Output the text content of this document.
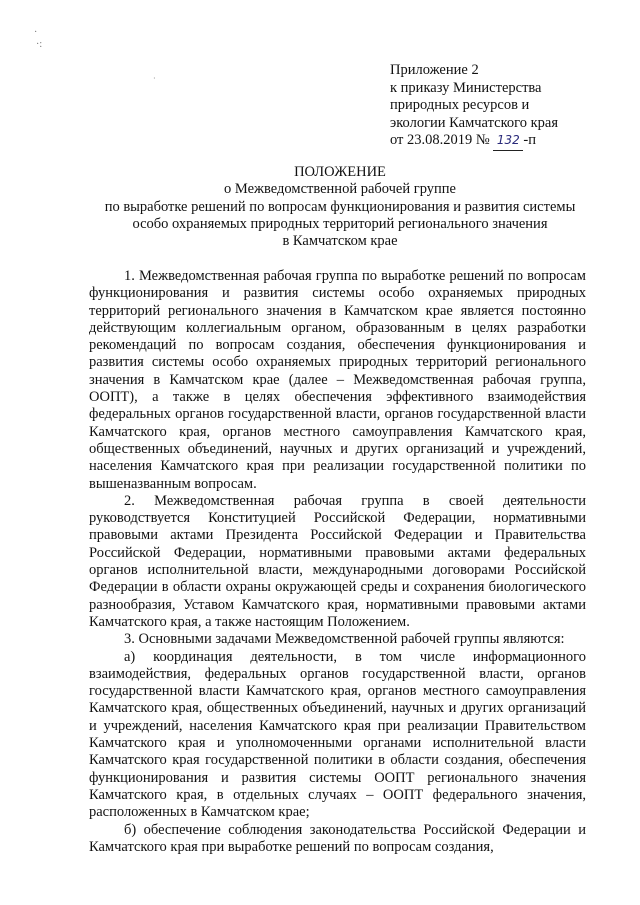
·
·:
·
Приложение 2
к приказу Министерства
природных ресурсов и
экологии Камчатского края
от 23.08.2019 № 132 -п
ПОЛОЖЕНИЕ
о Межведомственной рабочей группе
по выработке решений по вопросам функционирования и развития системы
особо охраняемых природных территорий регионального значения
в Камчатском крае

1. Межведомственная рабочая группа по выработке решений по вопросам функционирования и развития системы особо охраняемых природных территорий регионального значения в Камчатском крае является постоянно действующим коллегиальным органом, образованным в целях разработки рекомендаций по вопросам создания, обеспечения функционирования и развития системы особо охраняемых природных территорий регионального значения в Камчатском крае (далее – Межведомственная рабочая группа, ООПТ), а также в целях обеспечения эффективного взаимодействия федеральных органов государственной власти, органов государственной власти Камчатского края, органов местного самоуправления Камчатского края, общественных объединений, научных и других организаций и учреждений, населения Камчатского края при реализации государственной политики по вышеназванным вопросам.

2. Межведомственная рабочая группа в своей деятельности руководствуется Конституцией Российской Федерации, нормативными правовыми актами Президента Российской Федерации и Правительства Российской Федерации, нормативными правовыми актами федеральных органов исполнительной власти, международными договорами Российской Федерации в области охраны окружающей среды и сохранения биологического разнообразия, Уставом Камчатского края, нормативными правовыми актами Камчатского края, а также настоящим Положением.

3. Основными задачами Межведомственной рабочей группы являются:

а) координация деятельности, в том числе информационного взаимодействия, федеральных органов государственной власти, органов государственной власти Камчатского края, органов местного самоуправления Камчатского края, общественных объединений, научных и других организаций и учреждений, населения Камчатского края при реализации Правительством Камчатского края и уполномоченными органами исполнительной власти Камчатского края государственной политики в области создания, обеспечения функционирования и развития системы ООПТ регионального значения Камчатского края, в отдельных случаях – ООПТ федерального значения, расположенных в Камчатском крае;

б) обеспечение соблюдения законодательства Российской Федерации и Камчатского края при выработке решений по вопросам создания,
